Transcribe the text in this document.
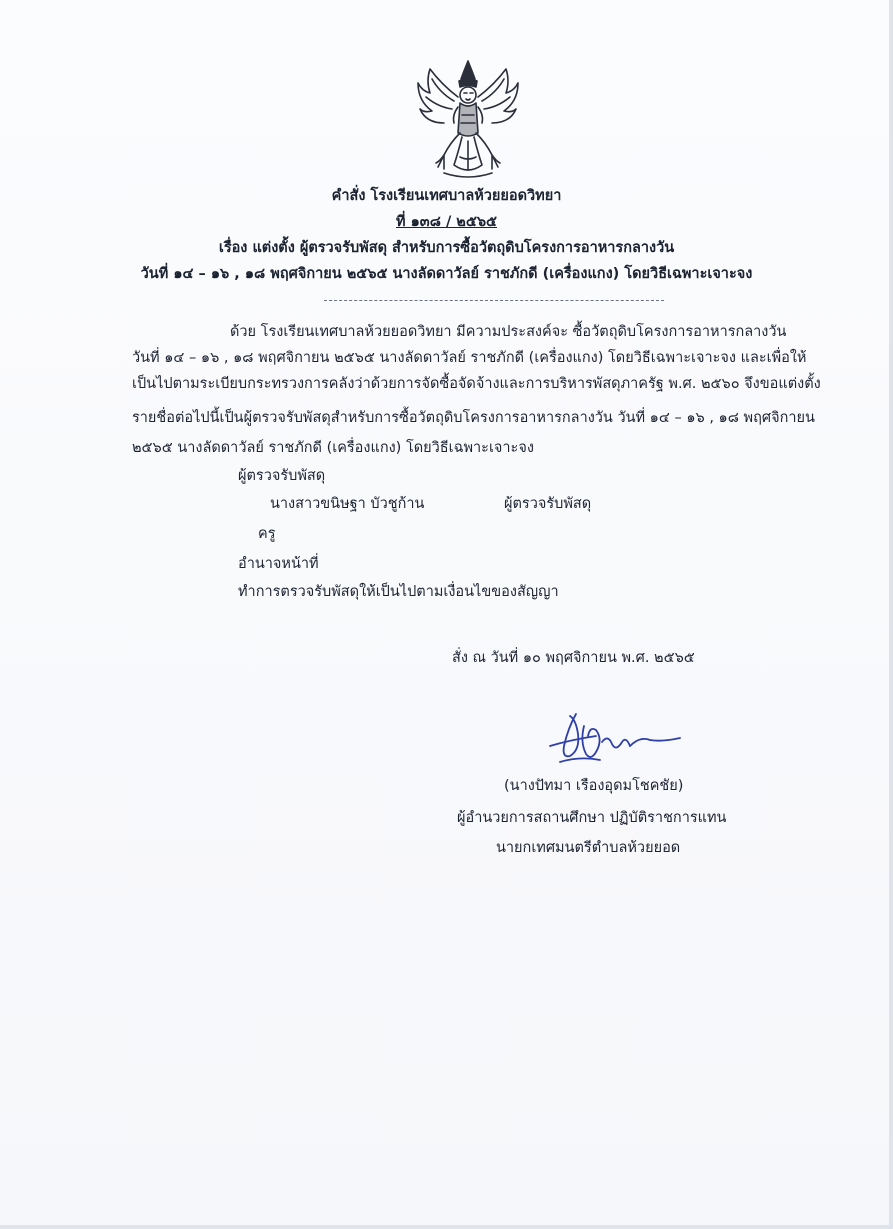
คำสั่ง โรงเรียนเทศบาลห้วยยอดวิทยา
ที่ ๑๓๘ / ๒๕๖๕
เรื่อง แต่งตั้ง ผู้ตรวจรับพัสดุ สำหรับการซื้อวัตถุดิบโครงการอาหารกลางวัน
วันที่ ๑๔ – ๑๖ , ๑๘ พฤศจิกายน ๒๕๖๕ นางลัดดาวัลย์ ราชภักดี (เครื่องแกง) โดยวิธีเฉพาะเจาะจง
ด้วย โรงเรียนเทศบาลห้วยยอดวิทยา มีความประสงค์จะ ซื้อวัตถุดิบโครงการอาหารกลางวัน
วันที่ ๑๔ – ๑๖ , ๑๘ พฤศจิกายน ๒๕๖๕ นางลัดดาวัลย์ ราชภักดี (เครื่องแกง) โดยวิธีเฉพาะเจาะจง และเพื่อให้
เป็นไปตามระเบียบกระทรวงการคลังว่าด้วยการจัดซื้อจัดจ้างและการบริหารพัสดุภาครัฐ พ.ศ. ๒๕๖๐ จึงขอแต่งตั้ง
รายชื่อต่อไปนี้เป็นผู้ตรวจรับพัสดุสำหรับการซื้อวัตถุดิบโครงการอาหารกลางวัน วันที่ ๑๔ – ๑๖ , ๑๘ พฤศจิกายน
๒๕๖๕ นางลัดดาวัลย์ ราชภักดี (เครื่องแกง) โดยวิธีเฉพาะเจาะจง
ผู้ตรวจรับพัสดุ
นางสาวขนิษฐา บัวชูก้าน	ผู้ตรวจรับพัสดุ
ครู
อำนาจหน้าที่
ทำการตรวจรับพัสดุให้เป็นไปตามเงื่อนไขของสัญญา
สั่ง ณ วันที่ ๑๐ พฤศจิกายน พ.ศ. ๒๕๖๕
(นางปัทมา เรืองอุดมโชคชัย)
ผู้อำนวยการสถานศึกษา ปฏิบัติราชการแทน
นายกเทศมนตรีตำบลห้วยยอด
